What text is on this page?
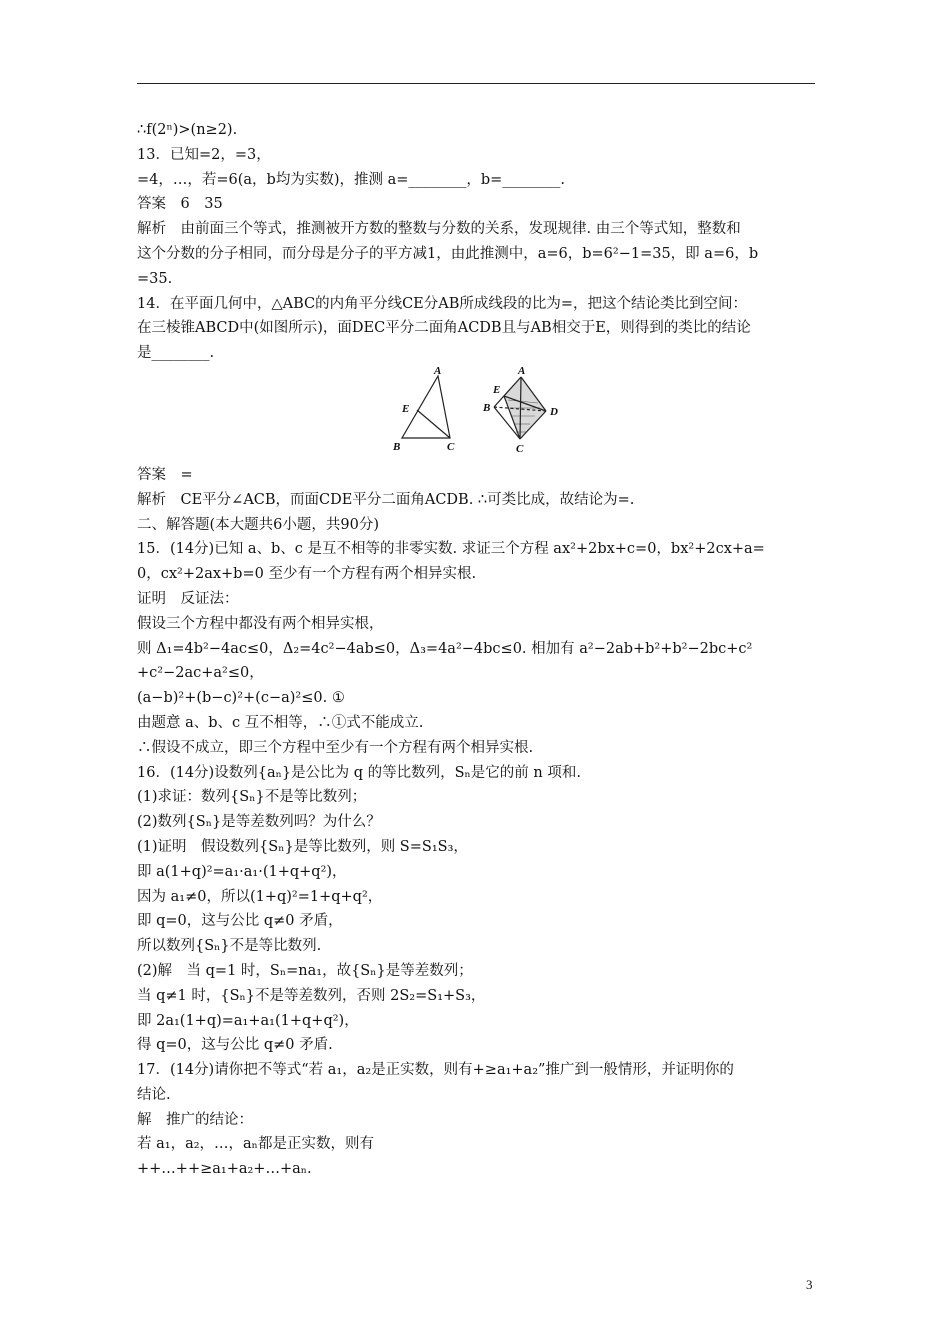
∴f(2ⁿ)>(n≥2).
13．已知=2，=3，
=4，…，若=6(a，b均为实数)，推测 a=________，b=________.
答案　6　35
解析　由前面三个等式，推测被开方数的整数与分数的关系，发现规律. 由三个等式知，整数和
这个分数的分子相同，而分母是分子的平方减1，由此推测中，a=6，b=6²−1=35，即 a=6，b
=35.
14．在平面几何中，△ABC的内角平分线CE分AB所成线段的比为=，把这个结论类比到空间：
在三棱锥ABCD中(如图所示)，面DEC平分二面角ACDB且与AB相交于E，则得到的类比的结论
是________.
A
E
B	C
A
E
B	D
C
答案　=
解析　CE平分∠ACB，而面CDE平分二面角ACDB. ∴可类比成，故结论为=.
二、解答题(本大题共6小题，共90分)
15．(14分)已知 a、b、c 是互不相等的非零实数. 求证三个方程 ax²+2bx+c=0，bx²+2cx+a=
0，cx²+2ax+b=0 至少有一个方程有两个相异实根.
证明　反证法：
假设三个方程中都没有两个相异实根，
则 Δ₁=4b²−4ac≤0，Δ₂=4c²−4ab≤0，Δ₃=4a²−4bc≤0. 相加有 a²−2ab+b²+b²−2bc+c²
+c²−2ac+a²≤0，
(a−b)²+(b−c)²+(c−a)²≤0. ①
由题意 a、b、c 互不相等，∴①式不能成立.
∴假设不成立，即三个方程中至少有一个方程有两个相异实根.
16．(14分)设数列{aₙ}是公比为 q 的等比数列，Sₙ是它的前 n 项和.
(1)求证：数列{Sₙ}不是等比数列；
(2)数列{Sₙ}是等差数列吗？为什么？
(1)证明　假设数列{Sₙ}是等比数列，则 S=S₁S₃，
即 a(1+q)²=a₁·a₁·(1+q+q²)，
因为 a₁≠0，所以(1+q)²=1+q+q²，
即 q=0，这与公比 q≠0 矛盾，
所以数列{Sₙ}不是等比数列.
(2)解　当 q=1 时，Sₙ=na₁，故{Sₙ}是等差数列；
当 q≠1 时，{Sₙ}不是等差数列，否则 2S₂=S₁+S₃，
即 2a₁(1+q)=a₁+a₁(1+q+q²)，
得 q=0，这与公比 q≠0 矛盾.
17．(14分)请你把不等式“若 a₁，a₂是正实数，则有+≥a₁+a₂”推广到一般情形，并证明你的
结论.
解　推广的结论：
若 a₁，a₂，…，aₙ都是正实数，则有
++…++≥a₁+a₂+…+aₙ.
3
